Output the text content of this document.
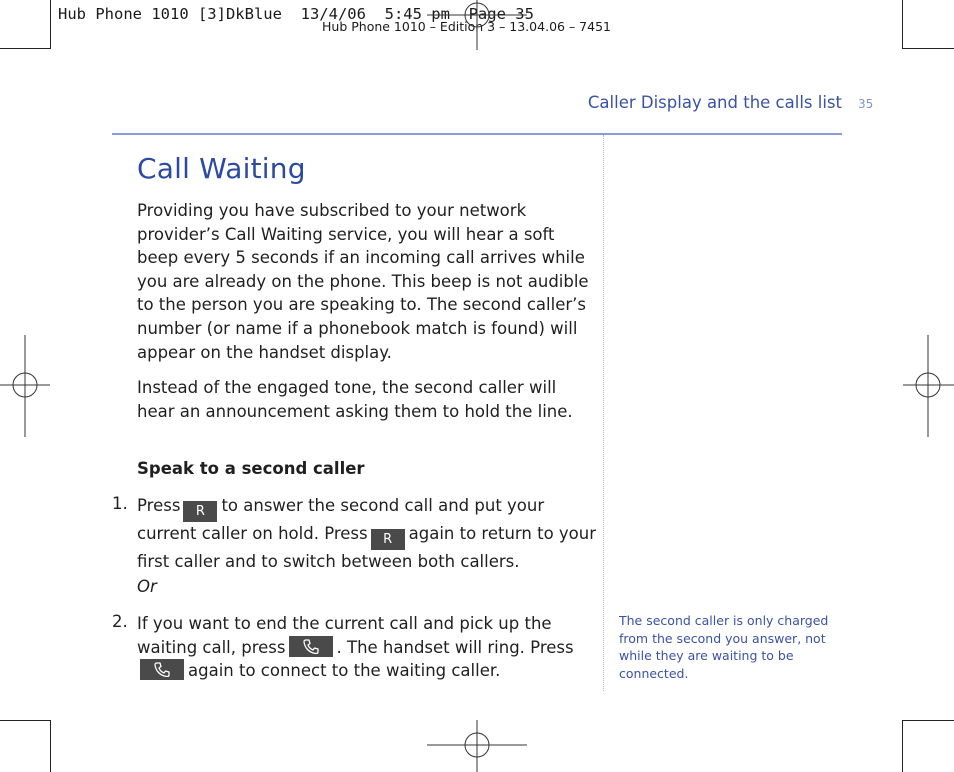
Hub Phone 1010 [3]DkBlue  13/4/06  5:45 pm  Page 35
Hub Phone 1010 – Edition 3 – 13.04.06 – 7451
Caller Display and the calls list 35
Call Waiting

Providing you have subscribed to your network provider’s Call Waiting service, you will hear a soft beep every 5 seconds if an incoming call arrives while you are already on the phone. This beep is not audible to the person you are speaking to. The second caller’s number (or name if a phonebook match is found) will appear on the handset display.

Instead of the engaged tone, the second caller will hear an announcement asking them to hold the line.

Speak to a second caller
1. Press R to answer the second call and put your current caller on hold. Press R again to return to your first caller and to switch between both callers.

Or
2. If you want to end the current call and pick up the waiting call, press	. The handset will ring. Press
again to connect to the waiting caller.

The second caller is only charged from the second you answer, not while they are waiting to be connected.
